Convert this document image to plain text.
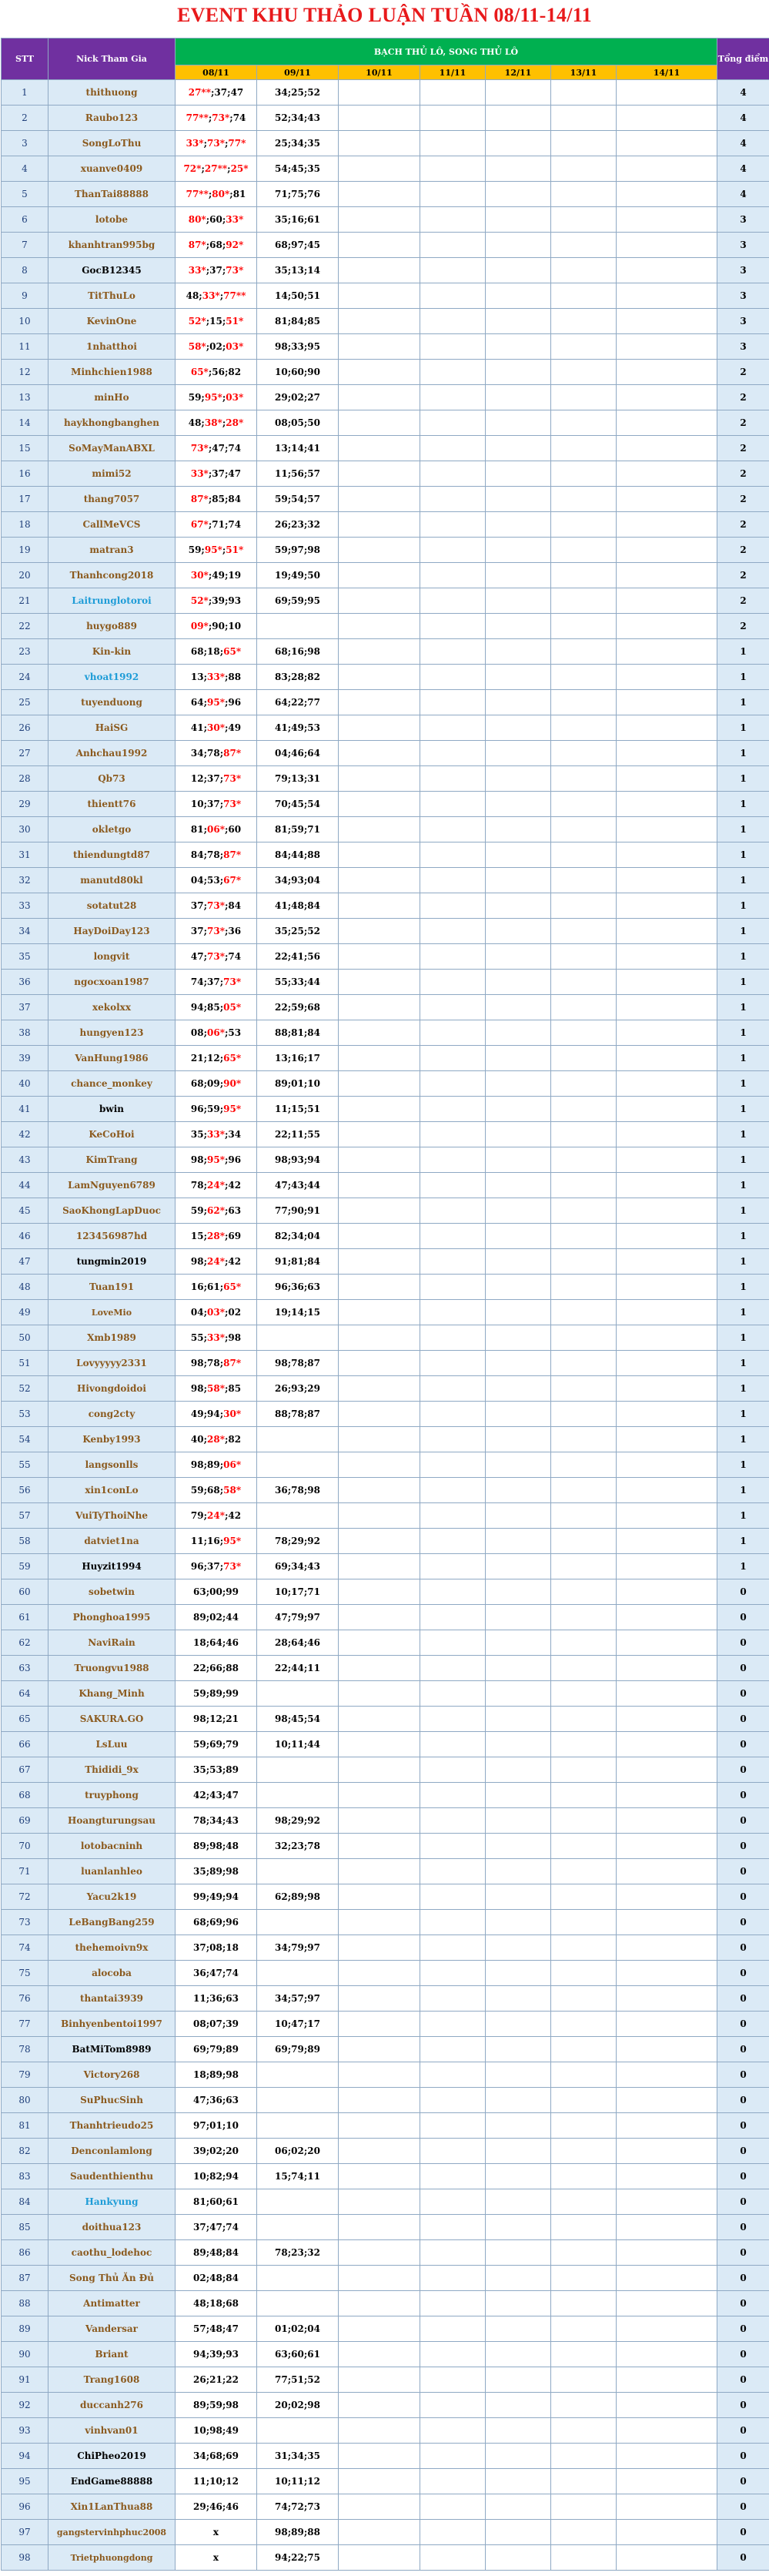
EVENT KHU THẢO LUẬN TUẦN 08/11-14/11
STT	Nick Tham Gia	BẠCH THỦ LÔ, SONG THỦ LÔ							Tổng điểm
		08/11	09/11	10/11	11/11	12/11	13/11	14/11	
1	thithuong	27**;37;47	34;25;52						4
2	Raubo123	77**;73*;74	52;34;43						4
3	SongLoThu	33*;73*;77*	25;34;35						4
4	xuanve0409	72*;27**;25*	54;45;35						4
5	ThanTai88888	77**;80*;81	71;75;76						4
6	lotobe	80*;60;33*	35;16;61						3
7	khanhtran995bg	87*;68;92*	68;97;45						3
8	GocB12345	33*;37;73*	35;13;14						3
9	TitThuLo	48;33*;77**	14;50;51						3
10	KevinOne	52*;15;51*	81;84;85						3
11	1nhatthoi	58*;02;03*	98;33;95						3
12	Minhchien1988	65*;56;82	10;60;90						2
13	minHo	59;95*;03*	29;02;27						2
14	haykhongbanghen	48;38*;28*	08;05;50						2
15	SoMayManABXL	73*;47;74	13;14;41						2
16	mimi52	33*;37;47	11;56;57						2
17	thang7057	87*;85;84	59;54;57						2
18	CallMeVCS	67*;71;74	26;23;32						2
19	matran3	59;95*;51*	59;97;98						2
20	Thanhcong2018	30*;49;19	19;49;50						2
21	Laitrunglotoroi	52*;39;93	69;59;95						2
22	huygo889	09*;90;10							2
23	Kin-kin	68;18;65*	68;16;98						1
24	vhoat1992	13;33*;88	83;28;82						1
25	tuyenduong	64;95*;96	64;22;77						1
26	HaiSG	41;30*;49	41;49;53						1
27	Anhchau1992	34;78;87*	04;46;64						1
28	Qb73	12;37;73*	79;13;31						1
29	thientt76	10;37;73*	70;45;54						1
30	okletgo	81;06*;60	81;59;71						1
31	thiendungtd87	84;78;87*	84;44;88						1
32	manutd80kl	04;53;67*	34;93;04						1
33	sotatut28	37;73*;84	41;48;84						1
34	HayDoiDay123	37;73*;36	35;25;52						1
35	longvit	47;73*;74	22;41;56						1
36	ngocxoan1987	74;37;73*	55;33;44						1
37	xekolxx	94;85;05*	22;59;68						1
38	hungyen123	08;06*;53	88;81;84						1
39	VanHung1986	21;12;65*	13;16;17						1
40	chance_monkey	68;09;90*	89;01;10						1
41	bwin	96;59;95*	11;15;51						1
42	KeCoHoi	35;33*;34	22;11;55						1
43	KimTrang	98;95*;96	98;93;94						1
44	LamNguyen6789	78;24*;42	47;43;44						1
45	SaoKhongLapDuoc	59;62*;63	77;90;91						1
46	123456987hd	15;28*;69	82;34;04						1
47	tungmin2019	98;24*;42	91;81;84						1
48	Tuan191	16;61;65*	96;36;63						1
49	LoveMio	04;03*;02	19;14;15						1
50	Xmb1989	55;33*;98							1
51	Lovyyyyy2331	98;78;87*	98;78;87						1
52	Hivongdoidoi	98;58*;85	26;93;29						1
53	cong2cty	49;94;30*	88;78;87						1
54	Kenby1993	40;28*;82							1
55	langsonlls	98;89;06*							1
56	xin1conLo	59;68;58*	36;78;98						1
57	VuiTyThoiNhe	79;24*;42							1
58	datviet1na	11;16;95*	78;29;92						1
59	Huyzit1994	96;37;73*	69;34;43						1
60	sobetwin	63;00;99	10;17;71						0
61	Phonghoa1995	89;02;44	47;79;97						0
62	NaviRain	18;64;46	28;64;46						0
63	Truongvu1988	22;66;88	22;44;11						0
64	Khang_Minh	59;89;99							0
65	SAKURA.GO	98;12;21	98;45;54						0
66	LsLuu	59;69;79	10;11;44						0
67	Thididi_9x	35;53;89							0
68	truyphong	42;43;47							0
69	Hoangturungsau	78;34;43	98;29;92						0
70	lotobacninh	89;98;48	32;23;78						0
71	luanlanhleo	35;89;98							0
72	Yacu2k19	99;49;94	62;89;98						0
73	LeBangBang259	68;69;96							0
74	thehemoivn9x	37;08;18	34;79;97						0
75	alocoba	36;47;74							0
76	thantai3939	11;36;63	34;57;97						0
77	Binhyenbentoi1997	08;07;39	10;47;17						0
78	BatMiTom8989	69;79;89	69;79;89						0
79	Victory268	18;89;98							0
80	SuPhucSinh	47;36;63							0
81	Thanhtrieudo25	97;01;10							0
82	Denconlamlong	39;02;20	06;02;20						0
83	Saudenthienthu	10;82;94	15;74;11						0
84	Hankyung	81;60;61							0
85	doithua123	37;47;74							0
86	caothu_lodehoc	89;48;84	78;23;32						0
87	Song Thủ Ăn Đủ	02;48;84							0
88	Antimatter	48;18;68							0
89	Vandersar	57;48;47	01;02;04						0
90	Briant	94;39;93	63;60;61						0
91	Trang1608	26;21;22	77;51;52						0
92	duccanh276	89;59;98	20;02;98						0
93	vinhvan01	10;98;49							0
94	ChiPheo2019	34;68;69	31;34;35						0
95	EndGame88888	11;10;12	10;11;12						0
96	Xin1LanThua88	29;46;46	74;72;73						0
97	gangstervinhphuc2008	x	98;89;88						0
98	Trietphuongdong	x	94;22;75						0
